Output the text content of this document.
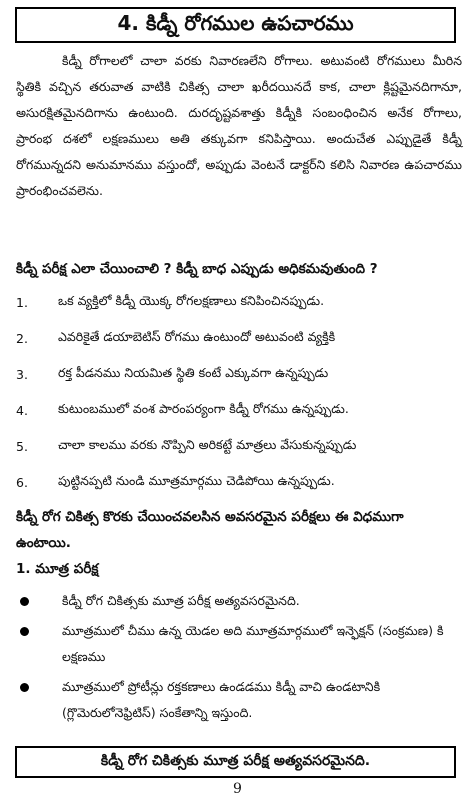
4. కిడ్నీ రోగముల ఉపచారము

కిడ్నీ రోగాలలో చాలా వరకు నివారణలేని రోగాలు. అటువంటి రోగములు మీరిన స్థితికి వచ్చిన తరువాత వాటికి చికిత్స చాలా ఖరీదయినదే కాక, చాలా క్లిష్టమైనదిగానూ, అసురక్షితమైనదిగాను ఉంటుంది. దురదృష్టవశాత్తు కిడ్నీకి సంబంధించిన అనేక రోగాలు, ప్రారంభ దశలో లక్షణములు అతి తక్కువగా కనిపిస్తాయి. అందుచేత ఎప్పుడైతే కిడ్నీ రోగమున్నదని అనుమానము వస్తుందో, అప్పుడు వెంటనే డాక్టర్‌ని కలిసి నివారణ ఉపచారము ప్రారంభించవలెను.

కిడ్నీ పరీక్ష ఎలా చేయించాలి ? కిడ్నీ బాధ ఎప్పుడు అధికమవుతుంది ?
1.	ఒక వ్యక్తిలో కిడ్నీ యొక్క రోగలక్షణాలు కనిపించినప్పుడు.
2.	ఎవరికైతే డయాబెటిస్ రోగము ఉంటుందో అటువంటి వ్యక్తికి
3.	రక్త పీడనము నియమిత స్థితి కంటే ఎక్కువగా ఉన్నప్పుడు
4.	కుటుంబములో వంశ పారంపర్యంగా కిడ్నీ రోగము ఉన్నప్పుడు.
5.	చాలా కాలము వరకు నొప్పిని అరికట్టే మాత్రలు వేసుకున్నప్పుడు
6.	పుట్టినప్పటి నుండి మూత్రమార్గము చెడిపోయి ఉన్నప్పుడు.
కిడ్నీ రోగ చికిత్స కొరకు చేయించవలసిన అవసరమైన పరీక్షలు ఈ విధముగా ఉంటాయి.
1. మూత్ర పరీక్ష
కిడ్నీ రోగ చికిత్సకు మూత్ర పరీక్ష అత్యవసరమైనది.
మూత్రములో చీము ఉన్న యెడల అది మూత్రమార్గములో ఇన్ఫెక్షన్ (సంక్రమణ) కి లక్షణము
మూత్రములో ప్రోటీన్లు రక్తకణాలు ఉండడము కిడ్నీ వాచి ఉండటానికి (గ్లొమెరులోనెఫ్రిటిస్) సంకేతాన్ని ఇస్తుంది.
కిడ్నీ రోగ చికిత్సకు మూత్ర పరీక్ష అత్యవసరమైనది.
9
